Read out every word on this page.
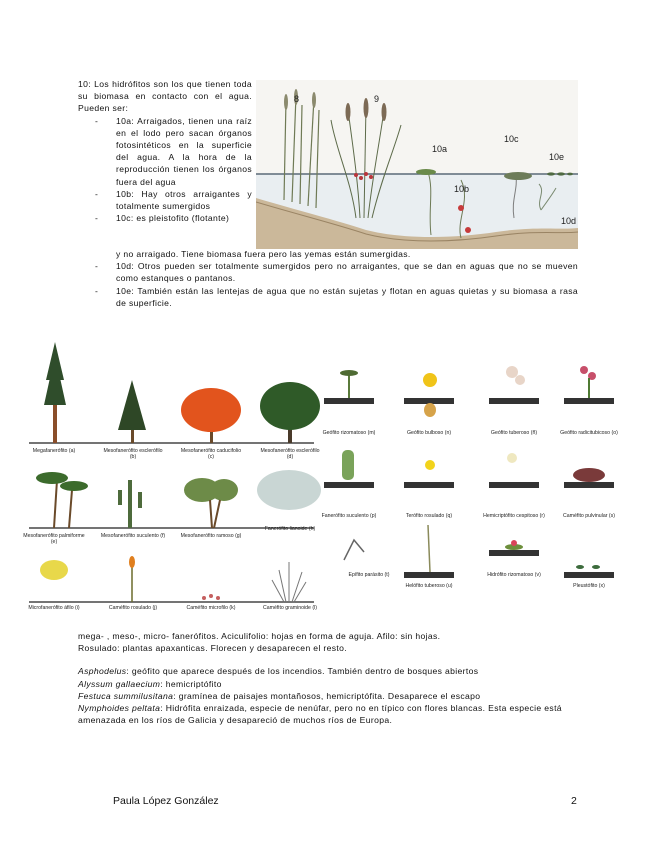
10: Los hidrófitos son los que tienen toda su biomasa en contacto con el agua. Pueden ser:

- 10a: Arraigados, tienen una raíz en el lodo pero sacan órganos fotosintéticos en la superficie del agua. A la hora de la reproducción tienen los órganos fuera del agua
- 10b: Hay otros arraigantes y totalmente sumergidos
- 10c: es pleistofito (flotante)
y no arraigado. Tiene biomasa fuera pero las yemas están sumergidas.
- 10d: Otros pueden ser totalmente sumergidos pero no arraigantes, que se dan en aguas que no se mueven como estanques o pantanos.
- 10e: También están las lentejas de agua que no están sujetas y flotan en aguas quietas y su biomasa a rasa de superficie.
8	9
10a
10b
10c
10d
10e
Megafanerófito (a)	Mesofanerófito esclerófilo (b)
Mesofanerófito caducifolio (c)
Mesofanerófito esclerófilo (d)
Geófito rizomatoso (m)	Geófito bulboso (n)	Geófito tuberoso (ñ)	Geófito radicitubicoso (o)
Mesofanerófito palmiforme (e)
Mesofanerófito suculento (f)	Mesofanerófito ramoso (g)
Fanerófito lianoide (h)
Fanerófito suculento (p)	Terófito rosulado (q)	Hemicriptófito cespitoso (r)	Caméfito pulvinular (s)
Microfanerófito áfilo (i)	Caméfito rosulado (j)	Caméfito microfilo (k)	Caméfito graminoide (l)
Epífito parásito (t)
Helófito tuberoso (u)
Hidrófito rizomatoso (v)
Pleustófito (x)

mega- , meso-, micro- fanerófitos. Aciculifolio: hojas en forma de aguja. Afilo: sin hojas.

Rosulado: plantas apaxanticas. Florecen y desaparecen el resto.

Asphodelus: geófito que aparece después de los incendios. También dentro de bosques abiertos

Alyssum gallaecium: hemicriptófito

Festuca summilusitana: gramínea de paisajes montañosos, hemicriptófita. Desaparece el escapo

Nymphoides peltata: Hidrófita enraizada, especie de nenúfar, pero no en típico con flores blancas. Esta especie está amenazada en los ríos de Galicia y desapareció de muchos ríos de Europa.

Paula López González	2
